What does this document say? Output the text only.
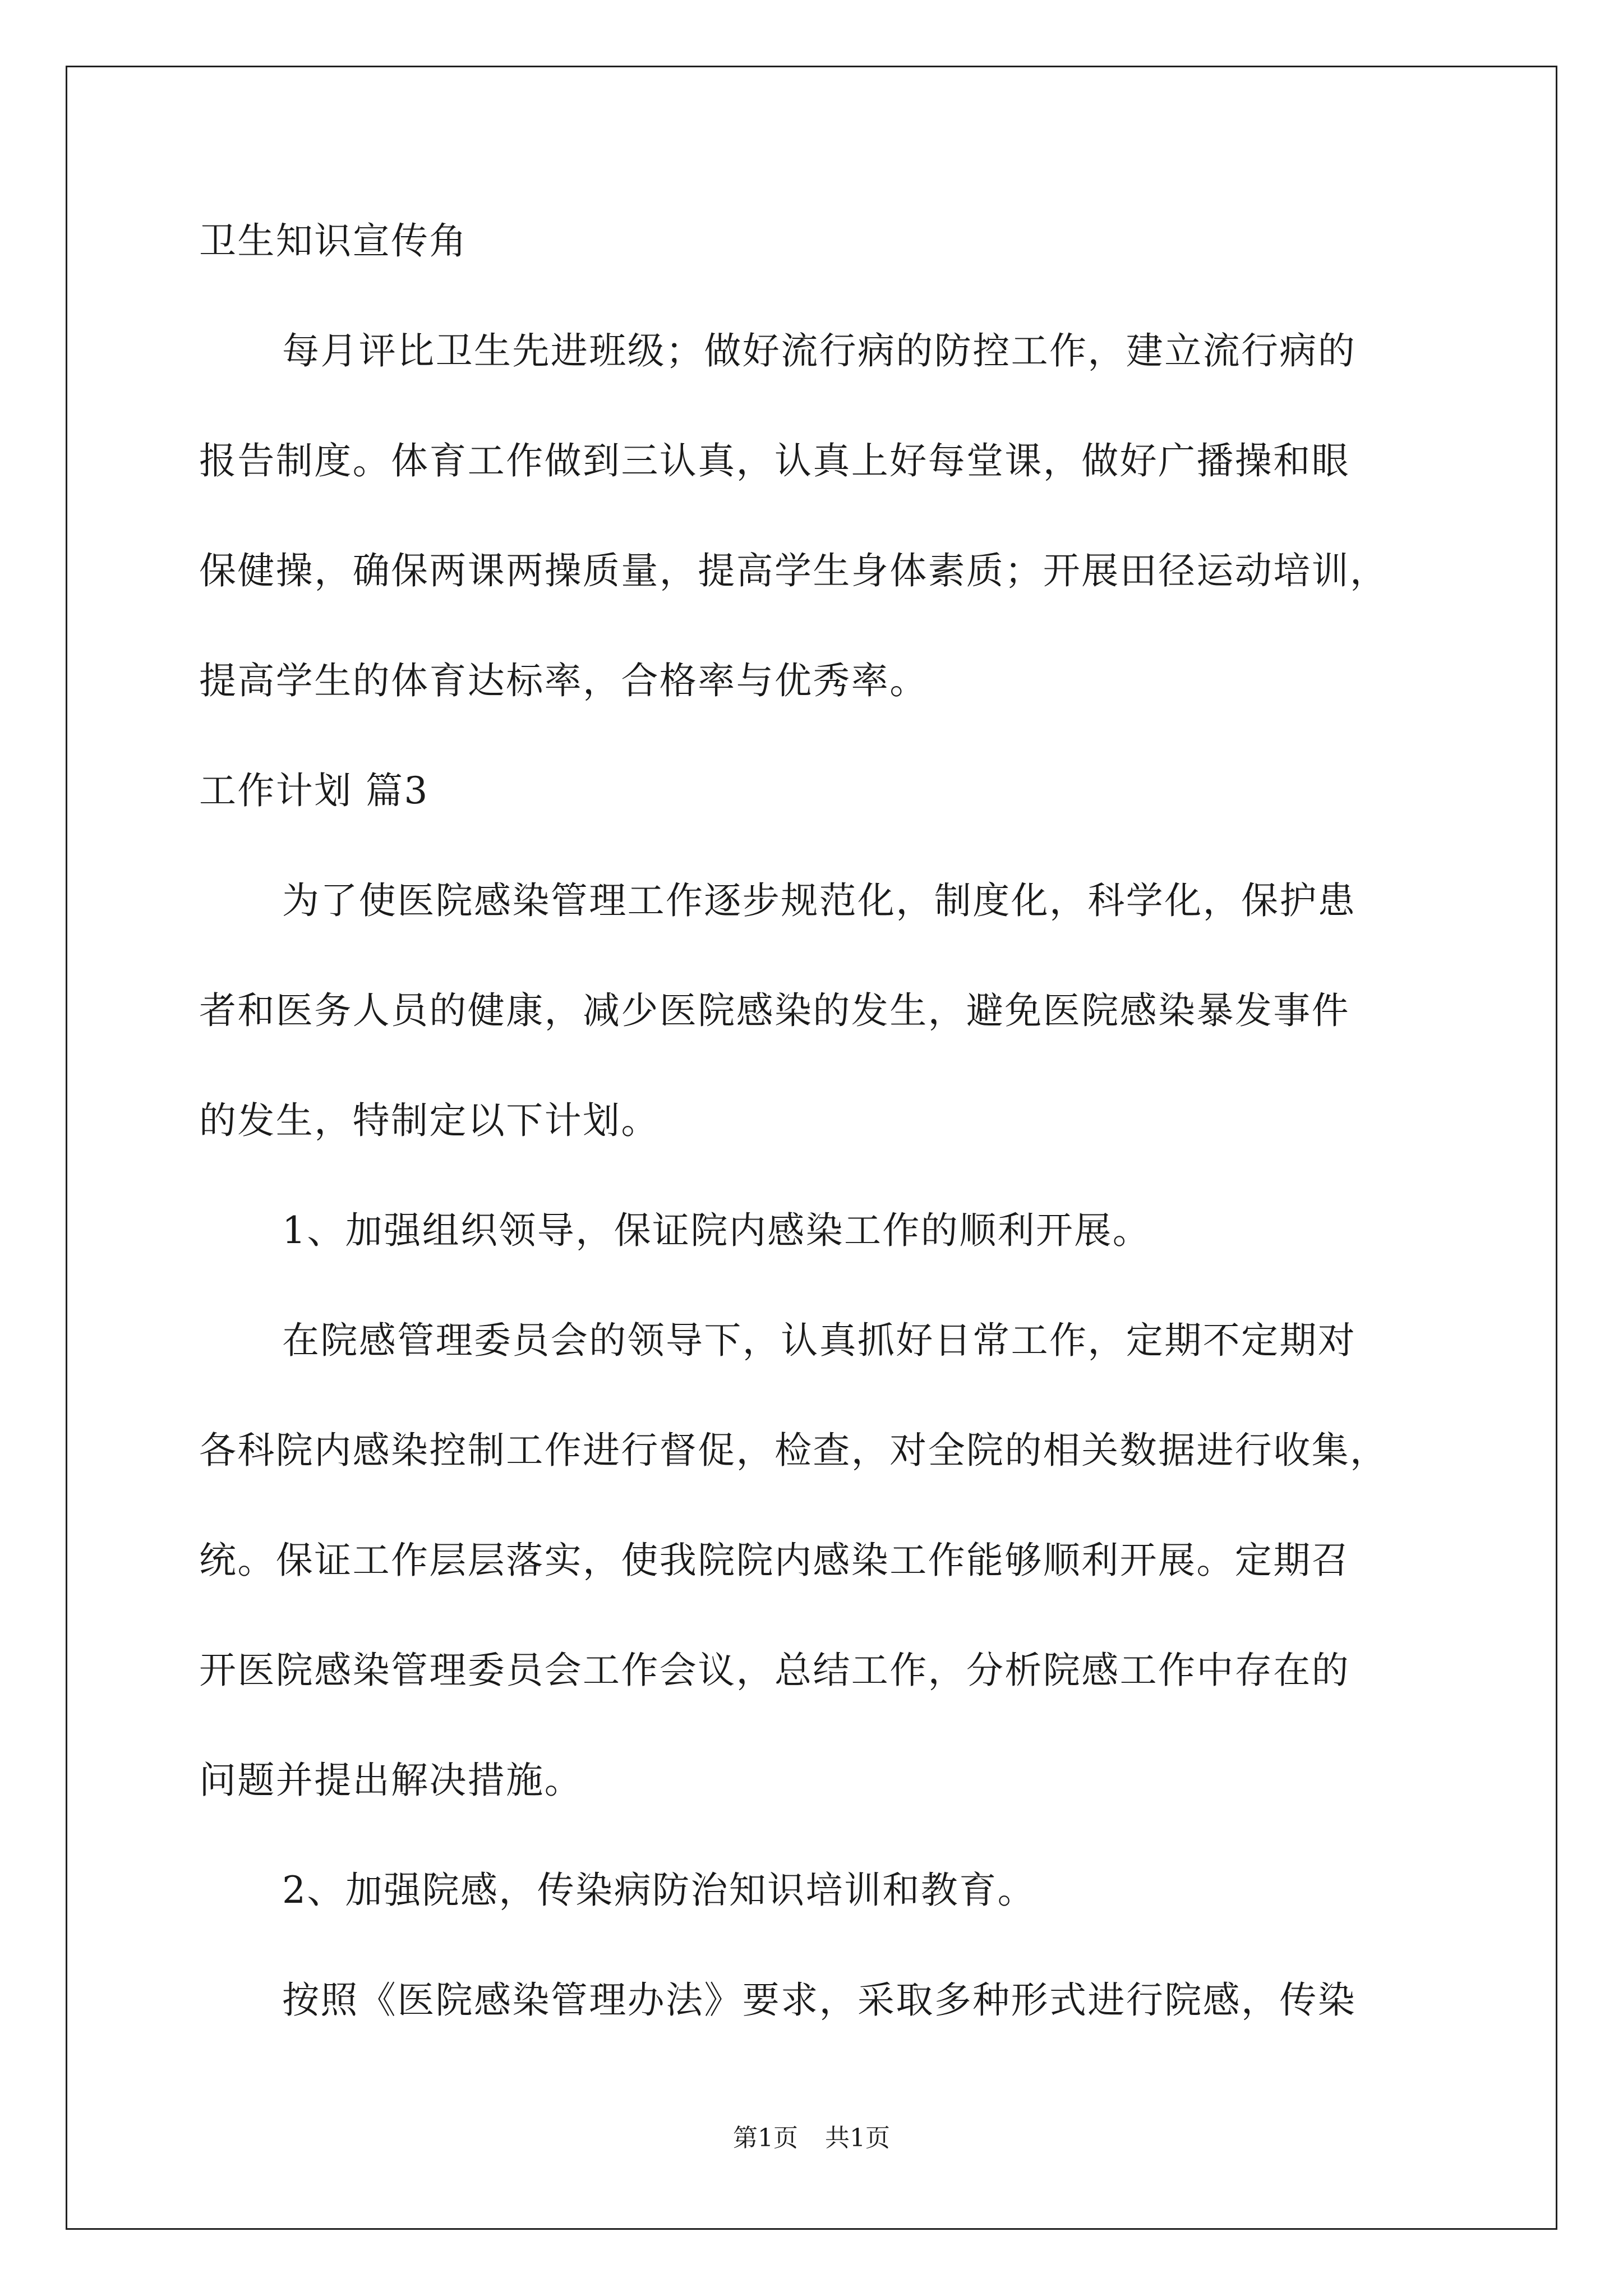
卫生知识宣传角
每月评比卫生先进班级；做好流行病的防控工作，建立流行病的
报告制度。体育工作做到三认真，认真上好每堂课，做好广播操和眼
保健操，确保两课两操质量，提高学生身体素质；开展田径运动培训，
提高学生的体育达标率，合格率与优秀率。
工作计划 篇3
为了使医院感染管理工作逐步规范化，制度化，科学化，保护患
者和医务人员的健康，减少医院感染的发生，避免医院感染暴发事件
的发生，特制定以下计划。
1、加强组织领导，保证院内感染工作的顺利开展。
在院感管理委员会的领导下，认真抓好日常工作，定期不定期对
各科院内感染控制工作进行督促，检查，对全院的相关数据进行收集，
统。保证工作层层落实，使我院院内感染工作能够顺利开展。定期召
开医院感染管理委员会工作会议，总结工作，分析院感工作中存在的
问题并提出解决措施。
2、加强院感，传染病防治知识培训和教育。
按照《医院感染管理办法》要求，采取多种形式进行院感，传染
第1页 共1页
